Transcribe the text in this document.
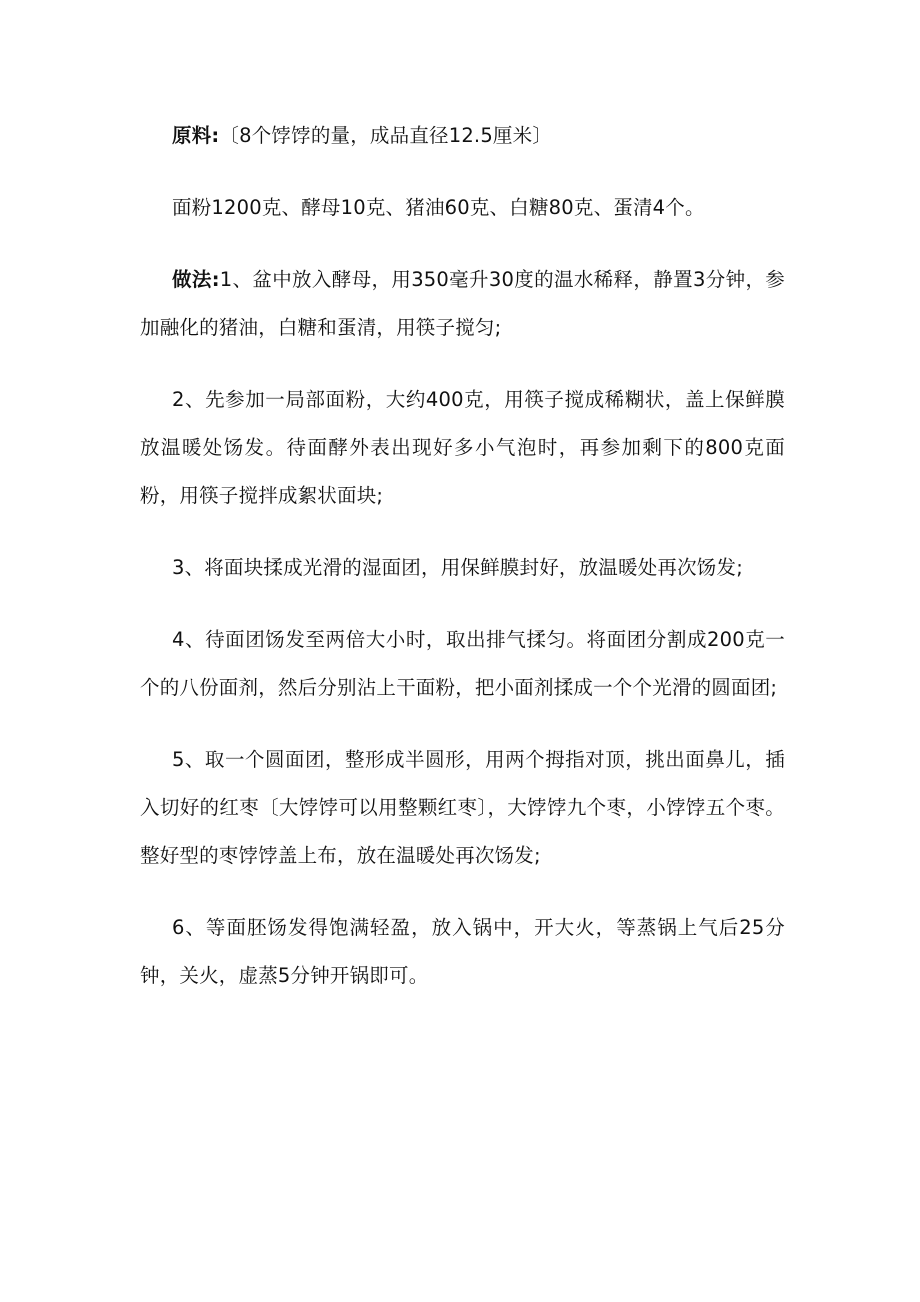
原料:〔8个饽饽的量，成品直径12.5厘米〕

面粉1200克、酵母10克、猪油60克、白糖80克、蛋清4个。

做法:1、盆中放入酵母，用350毫升30度的温水稀释，静置3分钟，参加融化的猪油，白糖和蛋清，用筷子搅匀;

2、先参加一局部面粉，大约400克，用筷子搅成稀糊状，盖上保鲜膜放温暖处饧发。待面酵外表出现好多小气泡时，再参加剩下的800克面粉，用筷子搅拌成絮状面块;

3、将面块揉成光滑的湿面团，用保鲜膜封好，放温暖处再次饧发;

4、待面团饧发至两倍大小时，取出排气揉匀。将面团分割成200克一个的八份面剂，然后分别沾上干面粉，把小面剂揉成一个个光滑的圆面团;

5、取一个圆面团，整形成半圆形，用两个拇指对顶，挑出面鼻儿，插入切好的红枣〔大饽饽可以用整颗红枣〕，大饽饽九个枣，小饽饽五个枣。整好型的枣饽饽盖上布，放在温暖处再次饧发;

6、等面胚饧发得饱满轻盈，放入锅中，开大火，等蒸锅上气后25分钟，关火，虚蒸5分钟开锅即可。
